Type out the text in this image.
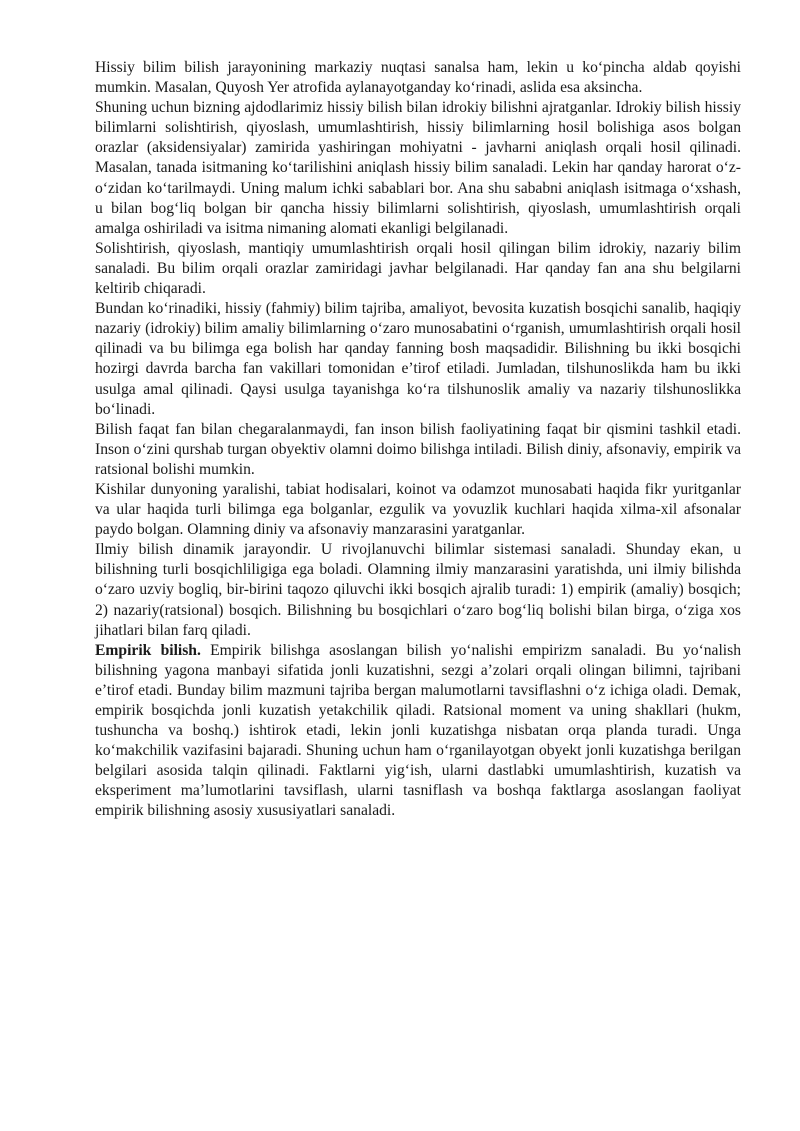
Hissiy bilim bilish jarayonining markaziy nuqtasi sanalsa ham, lekin u koʻpincha aldab qoyishi mumkin. Masalan, Quyosh Yer atrofida aylanayotganday koʻrinadi, aslida esa aksincha.

Shuning uchun bizning ajdodlarimiz hissiy bilish bilan idrokiy bilishni ajratganlar. Idrokiy bilish hissiy bilimlarni solishtirish, qiyoslash, umumlashtirish, hissiy bilimlarning hosil bolishiga asos bolgan orazlar (aksidensiyalar) zamirida yashiringan mohiyatni - javharni aniqlash orqali hosil qilinadi. Masalan, tanada isitmaning koʻtarilishini aniqlash hissiy bilim sanaladi. Lekin har qanday harorat oʻz-oʻzidan koʻtarilmaydi. Uning malum ichki sabablari bor. Ana shu sababni aniqlash isitmaga oʻxshash, u bilan bogʻliq bolgan bir qancha hissiy bilimlarni solishtirish, qiyoslash, umumlashtirish orqali amalga oshiriladi va isitma nimaning alomati ekanligi belgilanadi.

Solishtirish, qiyoslash, mantiqiy umumlashtirish orqali hosil qilingan bilim idrokiy, nazariy bilim sanaladi. Bu bilim orqali orazlar zamiridagi javhar belgilanadi. Har qanday fan ana shu belgilarni keltirib chiqaradi.

Bundan koʻrinadiki, hissiy (fahmiy) bilim tajriba, amaliyot, bevosita kuzatish bosqichi sanalib, haqiqiy nazariy (idrokiy) bilim amaliy bilimlarning oʻzaro munosabatini oʻrganish, umumlashtirish orqali hosil qilinadi va bu bilimga ega bolish har qanday fanning bosh maqsadidir. Bilishning bu ikki bosqichi hozirgi davrda barcha fan vakillari tomonidan e’tirof etiladi. Jumladan, tilshunoslikda ham bu ikki usulga amal qilinadi. Qaysi usulga tayanishga koʻra tilshunoslik amaliy va nazariy tilshunoslikka boʻlinadi.

Bilish faqat fan bilan chegaralanmaydi, fan inson bilish faoliyatining faqat bir qismini tashkil etadi. Inson oʻzini qurshab turgan obyektiv olamni doimo bilishga intiladi. Bilish diniy, afsonaviy, empirik va ratsional bolishi mumkin.

Kishilar dunyoning yaralishi, tabiat hodisalari, koinot va odamzot munosabati haqida fikr yuritganlar va ular haqida turli bilimga ega bolganlar, ezgulik va yovuzlik kuchlari haqida xilma-xil afsonalar paydo bolgan. Olamning diniy va afsonaviy manzarasini yaratganlar.

Ilmiy bilish dinamik jarayondir. U rivojlanuvchi bilimlar sistemasi sanaladi. Shunday ekan, u bilishning turli bosqichliligiga ega boladi. Olamning ilmiy manzarasini yaratishda, uni ilmiy bilishda oʻzaro uzviy bogliq, bir-birini taqozo qiluvchi ikki bosqich ajralib turadi: 1) empirik (amaliy) bosqich; 2) nazariy(ratsional) bosqich. Bilishning bu bosqichlari oʻzaro bogʻliq bolishi bilan birga, oʻziga xos jihatlari bilan farq qiladi.

Empirik bilish. Empirik bilishga asoslangan bilish yoʻnalishi empirizm sanaladi. Bu yoʻnalish bilishning yagona manbayi sifatida jonli kuzatishni, sezgi a’zolari orqali olingan bilimni, tajribani e’tirof etadi. Bunday bilim mazmuni tajriba bergan malumotlarni tavsiflashni oʻz ichiga oladi. Demak, empirik bosqichda jonli kuzatish yetakchilik qiladi. Ratsional moment va uning shakllari (hukm, tushuncha va boshq.) ishtirok etadi, lekin jonli kuzatishga nisbatan orqa planda turadi. Unga koʻmakchilik vazifasini bajaradi. Shuning uchun ham oʻrganilayotgan obyekt jonli kuzatishga berilgan belgilari asosida talqin qilinadi. Faktlarni yigʻish, ularni dastlabki umumlashtirish, kuzatish va eksperiment ma’lumotlarini tavsiflash, ularni tasniflash va boshqa faktlarga asoslangan faoliyat empirik bilishning asosiy xususiyatlari sanaladi.
